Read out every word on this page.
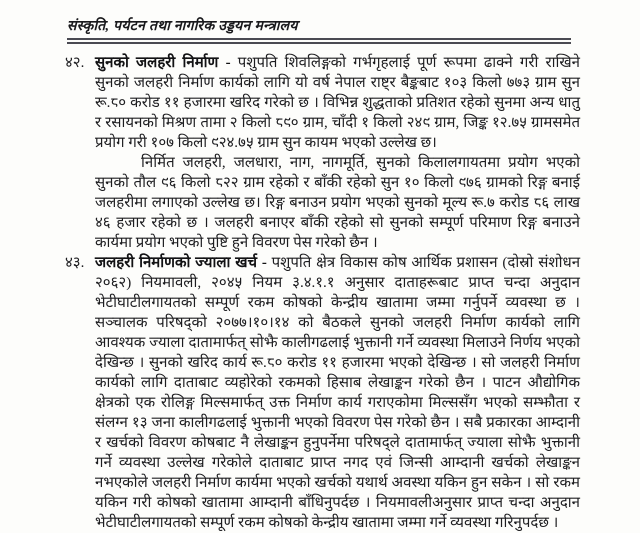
संस्कृति, पर्यटन तथा नागरिक उड्डयन मन्त्रालय
४२. सुनको जलहरी निर्माण - पशुपति शिवलिङ्गको गर्भगृहलाई पूर्ण रूपमा ढाक्ने गरी राखिने सुनको जलहरी निर्माण कार्यको लागि यो वर्ष नेपाल राष्ट्र बैङ्कबाट १०३ किलो ७७३ ग्राम सुन रू.८० करोड ११ हजारमा खरिद गरेको छ । विभिन्न शुद्धताको प्रतिशत रहेको सुनमा अन्य धातु र रसायनको मिश्रण तामा २ किलो ८९० ग्राम, चाँदी १ किलो २४९ ग्राम, जिङ्क १२.७५ ग्रामसमेत प्रयोग गरी १०७ किलो ९२४.७५ ग्राम सुन कायम भएको उल्लेख छ।

निर्मित जलहरी, जलधारा, नाग, नागमूर्ति, सुनको किलालगायतमा प्रयोग भएको सुनको तौल ९६ किलो ८२२ ग्राम रहेको र बाँकी रहेको सुन १० किलो ९७६ ग्रामको रिङ्ग बनाई जलहरीमा लगाएको उल्लेख छ। रिङ्ग बनाउन प्रयोग भएको सुनको मूल्य रू.७ करोड ८६ लाख ४६ हजार रहेको छ । जलहरी बनाएर बाँकी रहेको सो सुनको सम्पूर्ण परिमाण रिङ्ग बनाउने कार्यमा प्रयोग भएको पुष्टि हुने विवरण पेस गरेको छैन ।

४३. जलहरी निर्माणको ज्याला खर्च - पशुपति क्षेत्र विकास कोष आर्थिक प्रशासन (दोस्रो संशोधन २०६२) नियमावली, २०४५ नियम ३.४.१.१ अनुसार दाताहरूबाट प्राप्त चन्दा अनुदान भेटीघाटीलगायतको सम्पूर्ण रकम कोषको केन्द्रीय खातामा जम्मा गर्नुपर्ने व्यवस्था छ । सञ्चालक परिषद्को २०७७।१०।१४ को बैठकले सुनको जलहरी निर्माण कार्यको लागि आवश्यक ज्याला दातामार्फत् सोझै कालीगढलाई भुक्तानी गर्ने व्यवस्था मिलाउने निर्णय भएको देखिन्छ । सुनको खरिद कार्य रू.८० करोड ११ हजारमा भएको देखिन्छ । सो जलहरी निर्माण कार्यको लागि दाताबाट व्यहोरेको रकमको हिसाब लेखाङ्कन गरेको छैन । पाटन औद्योगिक क्षेत्रको एक रोलिङ्ग मिल्समार्फत् उक्त निर्माण कार्य गराएकोमा मिल्ससँग भएको सम्झौता र संलग्न १३ जना कालीगढलाई भुक्तानी भएको विवरण पेस गरेको छैन । सबै प्रकारका आम्दानी र खर्चको विवरण कोषबाट नै लेखाङ्कन हुनुपर्नेमा परिषद्ले दातामार्फत् ज्याला सोझै भुक्तानी गर्ने व्यवस्था उल्लेख गरेकोले दाताबाट प्राप्त नगद एवं जिन्सी आम्दानी खर्चको लेखाङ्कन नभएकोले जलहरी निर्माण कार्यमा भएको खर्चको यथार्थ अवस्था यकिन हुन सकेन । सो रकम यकिन गरी कोषको खातामा आम्दानी बाँधिनुपर्दछ । नियमावलीअनुसार प्राप्त चन्दा अनुदान भेटीघाटीलगायतको सम्पूर्ण रकम कोषको केन्द्रीय खातामा जम्मा गर्ने व्यवस्था गरिनुपर्दछ ।
